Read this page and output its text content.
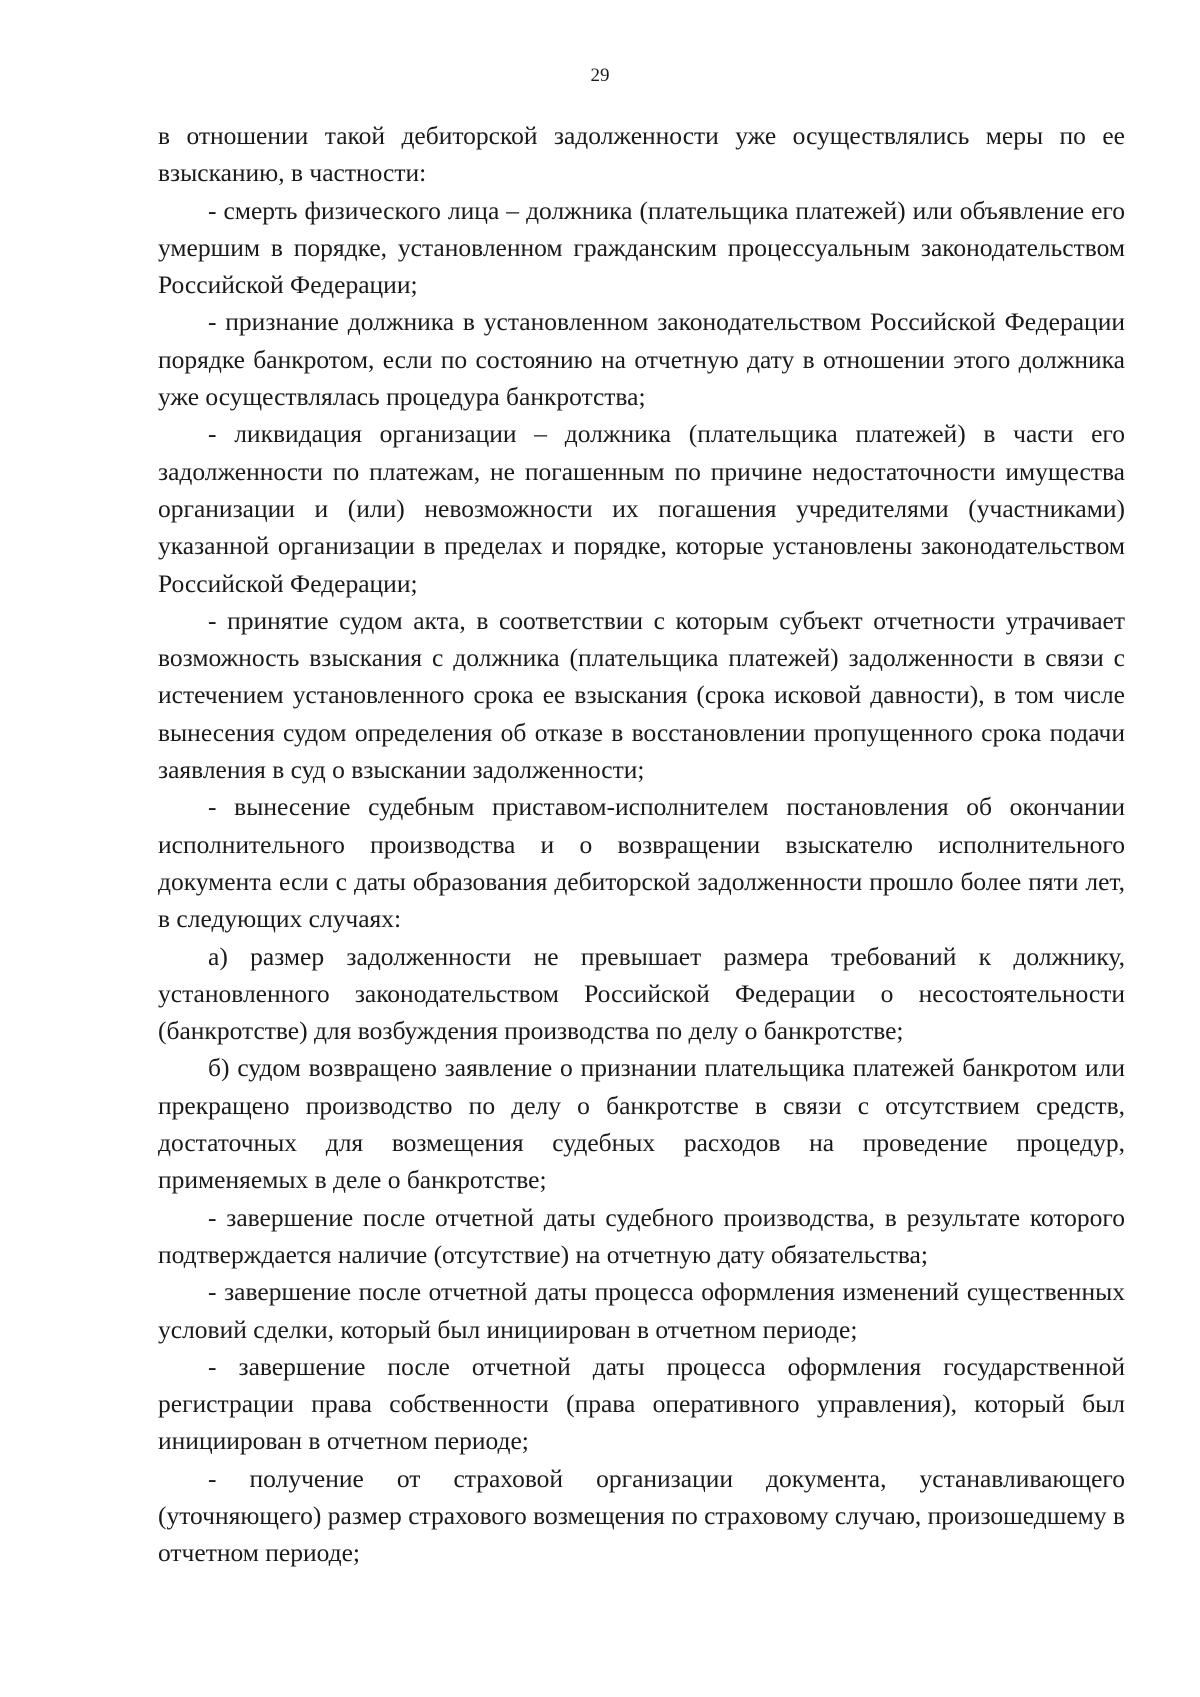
29

в отношении такой дебиторской задолженности уже осуществлялись меры по ее взысканию, в частности:

- смерть физического лица – должника (плательщика платежей) или объявление его умершим в порядке, установленном гражданским процессуальным законодательством Российской Федерации;

- признание должника в установленном законодательством Российской Федерации порядке банкротом, если по состоянию на отчетную дату в отношении этого должника уже осуществлялась процедура банкротства;

- ликвидация организации – должника (плательщика платежей) в части его задолженности по платежам, не погашенным по причине недостаточности имущества организации и (или) невозможности их погашения учредителями (участниками) указанной организации в пределах и порядке, которые установлены законодательством Российской Федерации;

- принятие судом акта, в соответствии с которым субъект отчетности утрачивает возможность взыскания с должника (плательщика платежей) задолженности в связи с истечением установленного срока ее взыскания (срока исковой давности), в том числе вынесения судом определения об отказе в восстановлении пропущенного срока подачи заявления в суд о взыскании задолженности;

- вынесение судебным приставом-исполнителем постановления об окончании исполнительного производства и о возвращении взыскателю исполнительного документа если с даты образования дебиторской задолженности прошло более пяти лет, в следующих случаях:

а) размер задолженности не превышает размера требований к должнику, установленного законодательством Российской Федерации о несостоятельности (банкротстве) для возбуждения производства по делу о банкротстве;

б) судом возвращено заявление о признании плательщика платежей банкротом или прекращено производство по делу о банкротстве в связи с отсутствием средств, достаточных для возмещения судебных расходов на проведение процедур, применяемых в деле о банкротстве;

- завершение после отчетной даты судебного производства, в результате которого подтверждается наличие (отсутствие) на отчетную дату обязательства;

- завершение после отчетной даты процесса оформления изменений существенных условий сделки, который был инициирован в отчетном периоде;

- завершение после отчетной даты процесса оформления государственной регистрации права собственности (права оперативного управления), который был инициирован в отчетном периоде;

- получение от страховой организации документа, устанавливающего (уточняющего) размер страхового возмещения по страховому случаю, произошедшему в отчетном периоде;
